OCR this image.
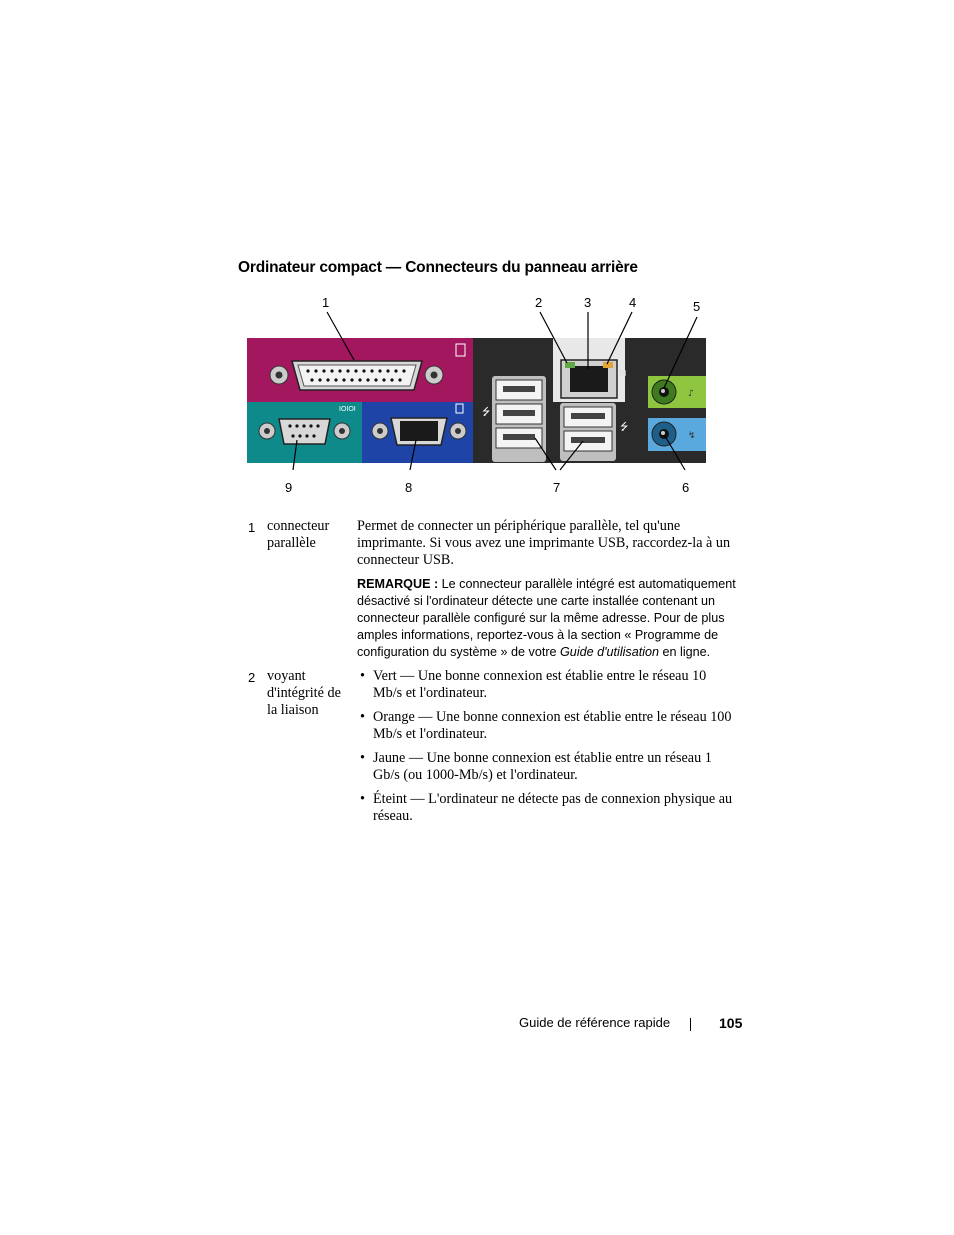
Ordinateur compact — Connecteurs du panneau arrière
1	2	3	4	5
9	8	7	6
IOIOI	⭍
⊞
⭍
♪
↯
1 connecteur parallèle
Permet de connecter un périphérique parallèle, tel qu'une imprimante. Si vous avez une imprimante USB, raccordez-la à un connecteur USB.
REMARQUE : Le connecteur parallèle intégré est automatiquement désactivé si l'ordinateur détecte une carte installée contenant un connecteur parallèle configuré sur la même adresse. Pour de plus amples informations, reportez-vous à la section « Programme de configuration du système » de votre Guide d'utilisation en ligne.
2 voyant d'intégrité de la liaison
• Vert — Une bonne connexion est établie entre le réseau 10 Mb/s et l'ordinateur.
• Orange — Une bonne connexion est établie entre le réseau 100 Mb/s et l'ordinateur.
• Jaune — Une bonne connexion est établie entre un réseau 1 Gb/s (ou 1000-Mb/s) et l'ordinateur.
• Éteint — L'ordinateur ne détecte pas de connexion physique au réseau.
Guide de référence rapide	105
